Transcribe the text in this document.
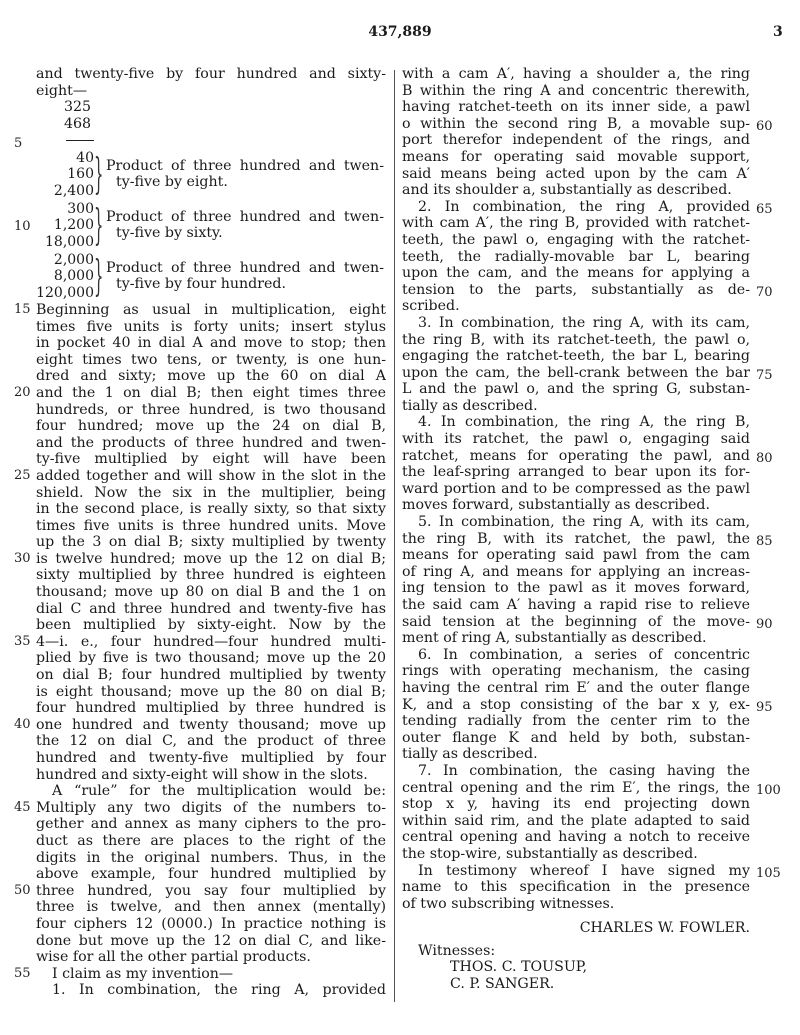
437,889	3
and twenty-five by four hundred and sixty-
eight—
325
468
40
160
2,400 } Product of three hundred and twen-
ty-five by eight.
300
1,200
18,000 } Product of three hundred and twen-
ty-five by sixty.
2,000
8,000
120,000 } Product of three hundred and twen-
ty-five by four hundred.
Beginning as usual in multiplication, eight
times five units is forty units; insert stylus
in pocket 40 in dial A and move to stop; then
eight times two tens, or twenty, is one hun-
dred and sixty; move up the 60 on dial A
and the 1 on dial B; then eight times three
hundreds, or three hundred, is two thousand
four hundred; move up the 24 on dial B,
and the products of three hundred and twen-
ty-five multiplied by eight will have been
added together and will show in the slot in the
shield. Now the six in the multiplier, being
in the second place, is really sixty, so that sixty
times five units is three hundred units. Move
up the 3 on dial B; sixty multiplied by twenty
is twelve hundred; move up the 12 on dial B;
sixty multiplied by three hundred is eighteen
thousand; move up 80 on dial B and the 1 on
dial C and three hundred and twenty-five has
been multiplied by sixty-eight. Now by the
4—i. e., four hundred—four hundred multi-
plied by five is two thousand; move up the 20
on dial B; four hundred multiplied by twenty
is eight thousand; move up the 80 on dial B;
four hundred multiplied by three hundred is
one hundred and twenty thousand; move up
the 12 on dial C, and the product of three
hundred and twenty-five multiplied by four
hundred and sixty-eight will show in the slots.
A “rule” for the multiplication would be:
Multiply any two digits of the numbers to-
gether and annex as many ciphers to the pro-
duct as there are places to the right of the
digits in the original numbers. Thus, in the
above example, four hundred multiplied by
three hundred, you say four multiplied by
three is twelve, and then annex (mentally)
four ciphers 12 (0000.) In practice nothing is
done but move up the 12 on dial C, and like-
wise for all the other partial products.
I claim as my invention—
1. In combination, the ring A, provided
with a cam A′, having a shoulder a, the ring
B within the ring A and concentric therewith,
having ratchet-teeth on its inner side, a pawl
o within the second ring B, a movable sup-
port therefor independent of the rings, and
means for operating said movable support,
said means being acted upon by the cam A′
and its shoulder a, substantially as described.
2. In combination, the ring A, provided
with cam A′, the ring B, provided with ratchet-
teeth, the pawl o, engaging with the ratchet-
teeth, the radially-movable bar L, bearing
upon the cam, and the means for applying a
tension to the parts, substantially as de-
scribed.
3. In combination, the ring A, with its cam,
the ring B, with its ratchet-teeth, the pawl o,
engaging the ratchet-teeth, the bar L, bearing
upon the cam, the bell-crank between the bar
L and the pawl o, and the spring G, substan-
tially as described.
4. In combination, the ring A, the ring B,
with its ratchet, the pawl o, engaging said
ratchet, means for operating the pawl, and
the leaf-spring arranged to bear upon its for-
ward portion and to be compressed as the pawl
moves forward, substantially as described.
5. In combination, the ring A, with its cam,
the ring B, with its ratchet, the pawl, the
means for operating said pawl from the cam
of ring A, and means for applying an increas-
ing tension to the pawl as it moves forward,
the said cam A′ having a rapid rise to relieve
said tension at the beginning of the move-
ment of ring A, substantially as described.
6. In combination, a series of concentric
rings with operating mechanism, the casing
having the central rim E′ and the outer flange
K, and a stop consisting of the bar x y, ex-
tending radially from the center rim to the
outer flange K and held by both, substan-
tially as described.
7. In combination, the casing having the
central opening and the rim E′, the rings, the
stop x y, having its end projecting down
within said rim, and the plate adapted to said
central opening and having a notch to receive
the stop-wire, substantially as described.
In testimony whereof I have signed my
name to this specification in the presence
of two subscribing witnesses.
CHARLES W. FOWLER.
Witnesses:
THOS. C. TOUSUP,
C. P. SANGER.
5
10
15
20
25
30
35
40
45
50
55
60
65
70
75
80
85
90
95
100
105
